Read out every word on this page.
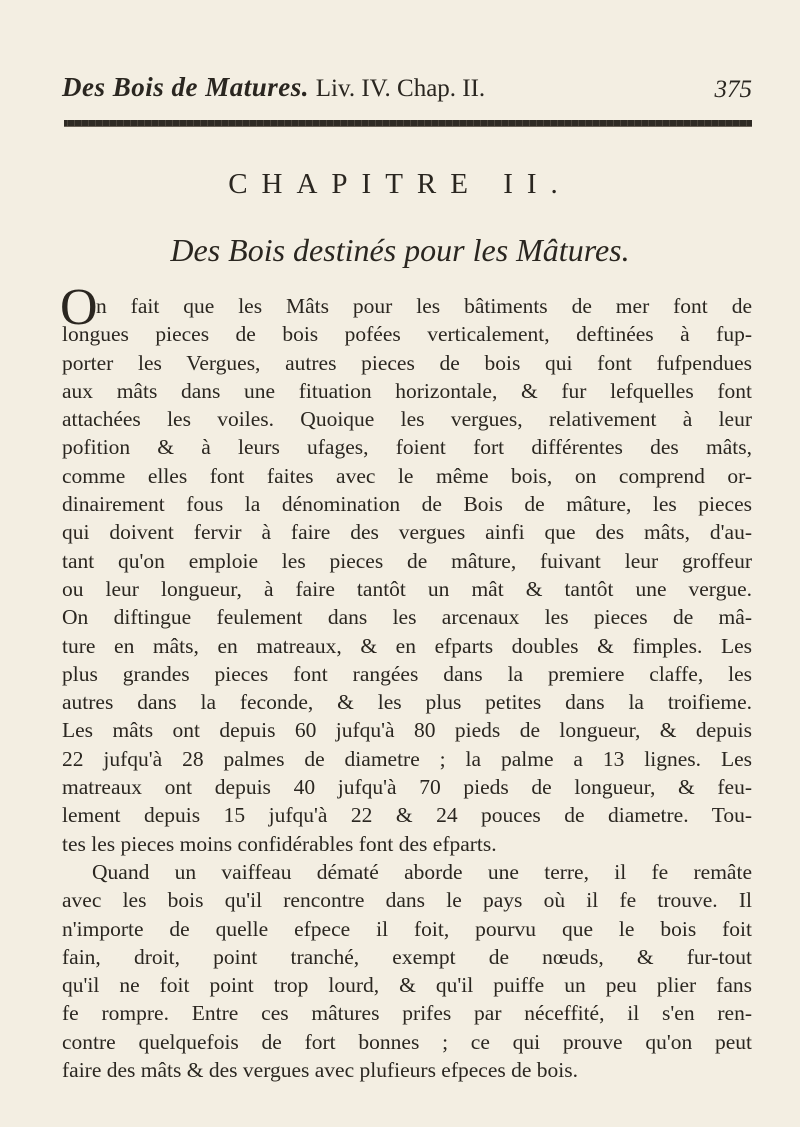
Des Bois de Matures. Liv. IV. Chap. II.	375
CHAPITRE II.
Des Bois destinés pour les Mâtures.
O
n fait que les Mâts pour les bâtiments de mer font de
longues pieces de bois pofées verticalement, deftinées à fup-
porter les Vergues, autres pieces de bois qui font fufpendues
aux mâts dans une fituation horizontale, & fur lefquelles font
attachées les voiles. Quoique les vergues, relativement à leur
pofition & à leurs ufages, foient fort différentes des mâts,
comme elles font faites avec le même bois, on comprend or-
dinairement fous la dénomination de Bois de mâture, les pieces
qui doivent fervir à faire des vergues ainfi que des mâts, d'au-
tant qu'on emploie les pieces de mâture, fuivant leur groffeur
ou leur longueur, à faire tantôt un mât & tantôt une vergue.
On diftingue feulement dans les arcenaux les pieces de mâ-
ture en mâts, en matreaux, & en efparts doubles & fimples. Les
plus grandes pieces font rangées dans la premiere claffe, les
autres dans la feconde, & les plus petites dans la troifieme.
Les mâts ont depuis 60 jufqu'à 80 pieds de longueur, & depuis
22 jufqu'à 28 palmes de diametre ; la palme a 13 lignes. Les
matreaux ont depuis 40 jufqu'à 70 pieds de longueur, & feu-
lement depuis 15 jufqu'à 22 & 24 pouces de diametre. Tou-
tes les pieces moins confidérables font des efparts.
Quand un vaiffeau dématé aborde une terre, il fe remâte
avec les bois qu'il rencontre dans le pays où il fe trouve. Il
n'importe de quelle efpece il foit, pourvu que le bois foit
fain, droit, point tranché, exempt de nœuds, & fur-tout
qu'il ne foit point trop lourd, & qu'il puiffe un peu plier fans
fe rompre. Entre ces mâtures prifes par néceffité, il s'en ren-
contre quelquefois de fort bonnes ; ce qui prouve qu'on peut
faire des mâts & des vergues avec plufieurs efpeces de bois.
